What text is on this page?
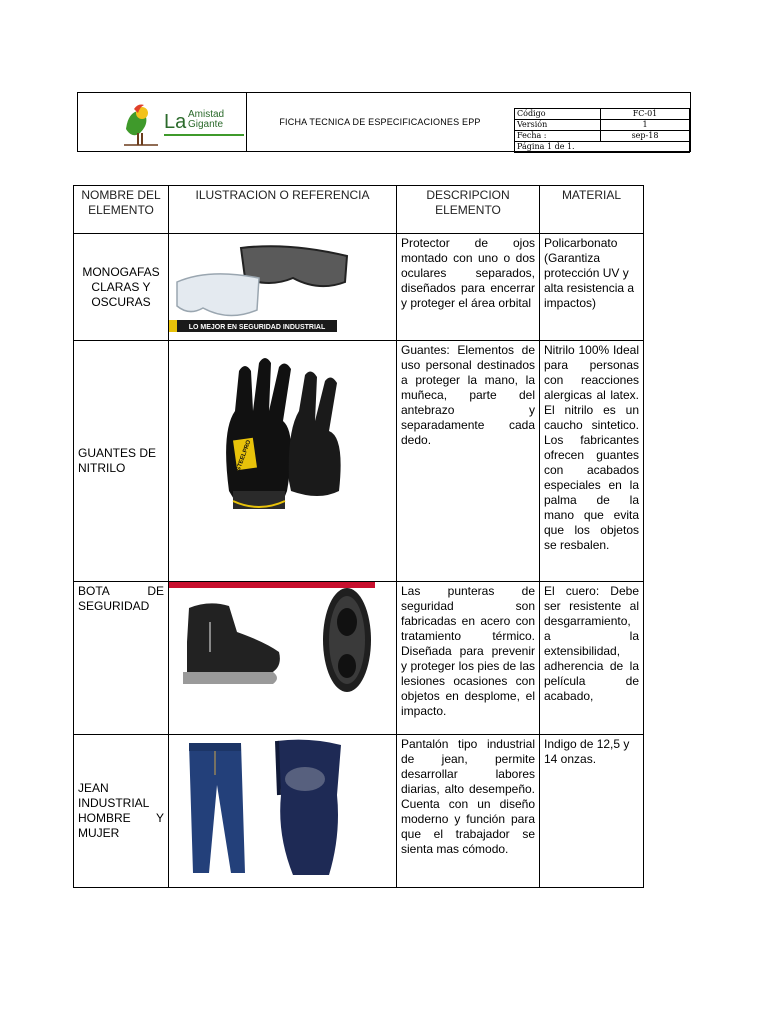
La Amistad
Gigante	FICHA TECNICA DE ESPECIFICACIONES EPP
Código	FC-01
Versión	1
Fecha :	sep-18
Página 1 de 1.	
NOMBRE DEL ELEMENTO	ILUSTRACION O REFERENCIA	DESCRIPCION ELEMENTO	MATERIAL
MONOGAFAS CLARAS Y OSCURAS	LO MEJOR EN SEGURIDAD INDUSTRIAL	Protector de ojos montado con uno o dos oculares separados, diseñados para encerrar y proteger el área orbital	Policarbonato (Garantiza protección UV y alta resistencia a impactos)
GUANTES DE NITRILO	STEELPRO	Guantes: Elementos de uso personal destinados a proteger la mano, la muñeca, parte del antebrazo y separadamente cada dedo.	Nitrilo 100% Ideal para personas con reacciones alergicas al latex. El nitrilo es un caucho sintetico. Los fabricantes ofrecen guantes con acabados especiales en la palma de la mano que evita que los objetos se resbalen.
BOTA DE SEGURIDAD		Las punteras de seguridad son fabricadas en acero con tratamiento térmico. Diseñada para prevenir y proteger los pies de las lesiones ocasiones con objetos en desplome, el impacto.	El cuero: Debe ser resistente al desgarramiento, a la extensibilidad, adherencia de la película de acabado,
JEAN INDUSTRIAL HOMBRE Y MUJER		Pantalón tipo industrial de jean, permite desarrollar labores diarias, alto desempeño. Cuenta con un diseño moderno y función para que el trabajador se sienta mas cómodo.	Indigo de 12,5 y 14 onzas.
